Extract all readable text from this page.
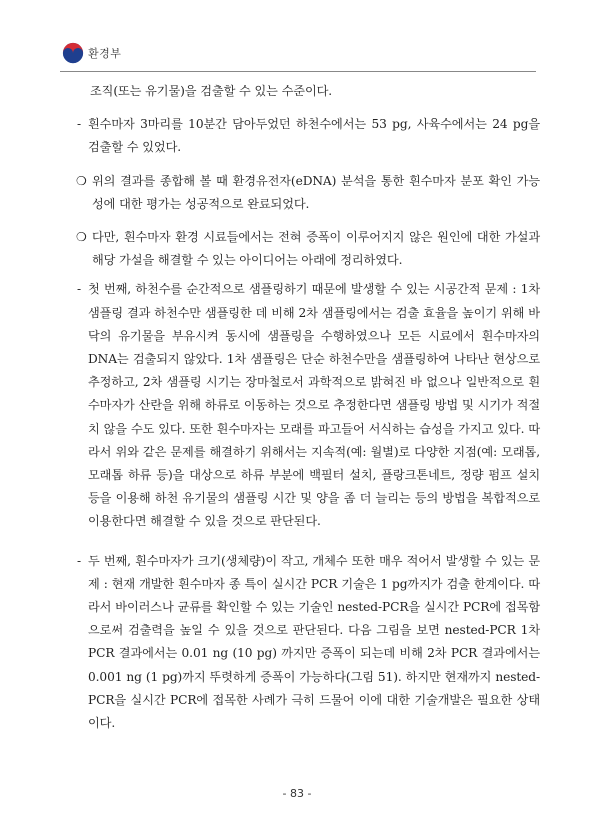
환경부
조직(또는 유기물)을 검출할 수 있는 수준이다.
- 흰수마자 3마리를 10분간 담아두었던 하천수에서는 53 pg, 사육수에서는 24 pg을 검출할 수 있었다.
❍ 위의 결과를 종합해 볼 때 환경유전자(eDNA) 분석을 통한 흰수마자 분포 확인 가능성에 대한 평가는 성공적으로 완료되었다.
❍ 다만, 흰수마자 환경 시료들에서는 전혀 증폭이 이루어지지 않은 원인에 대한 가설과 해당 가설을 해결할 수 있는 아이디어는 아래에 정리하였다.
- 첫 번째, 하천수를 순간적으로 샘플링하기 때문에 발생할 수 있는 시공간적 문제 : 1차 샘플링 결과 하천수만 샘플링한 데 비해 2차 샘플링에서는 검출 효율을 높이기 위해 바닥의 유기물을 부유시켜 동시에 샘플링을 수행하였으나 모든 시료에서 흰수마자의 DNA는 검출되지 않았다. 1차 샘플링은 단순 하천수만을 샘플링하여 나타난 현상으로 추정하고, 2차 샘플링 시기는 장마철로서 과학적으로 밝혀진 바 없으나 일반적으로 흰수마자가 산란을 위해 하류로 이동하는 것으로 추정한다면 샘플링 방법 및 시기가 적절치 않을 수도 있다. 또한 흰수마자는 모래를 파고들어 서식하는 습성을 가지고 있다. 따라서 위와 같은 문제를 해결하기 위해서는 지속적(예: 월별)로 다양한 지점(예: 모래톱, 모래톱 하류 등)을 대상으로 하류 부분에 백필터 설치, 플랑크톤네트, 정량 펌프 설치 등을 이용해 하천 유기물의 샘플링 시간 및 양을 좀 더 늘리는 등의 방법을 복합적으로 이용한다면 해결할 수 있을 것으로 판단된다.
- 두 번째, 흰수마자가 크기(생체량)이 작고, 개체수 또한 매우 적어서 발생할 수 있는 문제 : 현재 개발한 흰수마자 종 특이 실시간 PCR 기술은 1 pg까지가 검출 한계이다. 따라서 바이러스나 균류를 확인할 수 있는 기술인 nested-PCR을 실시간 PCR에 접목함으로써 검출력을 높일 수 있을 것으로 판단된다. 다음 그림을 보면 nested-PCR 1차 PCR 결과에서는 0.01 ng (10 pg) 까지만 증폭이 되는데 비해 2차 PCR 결과에서는 0.001 ng (1 pg)까지 뚜렷하게 증폭이 가능하다(그림 51). 하지만 현재까지 nested-PCR을 실시간 PCR에 접목한 사례가 극히 드물어 이에 대한 기술개발은 필요한 상태이다.
- 83 -
